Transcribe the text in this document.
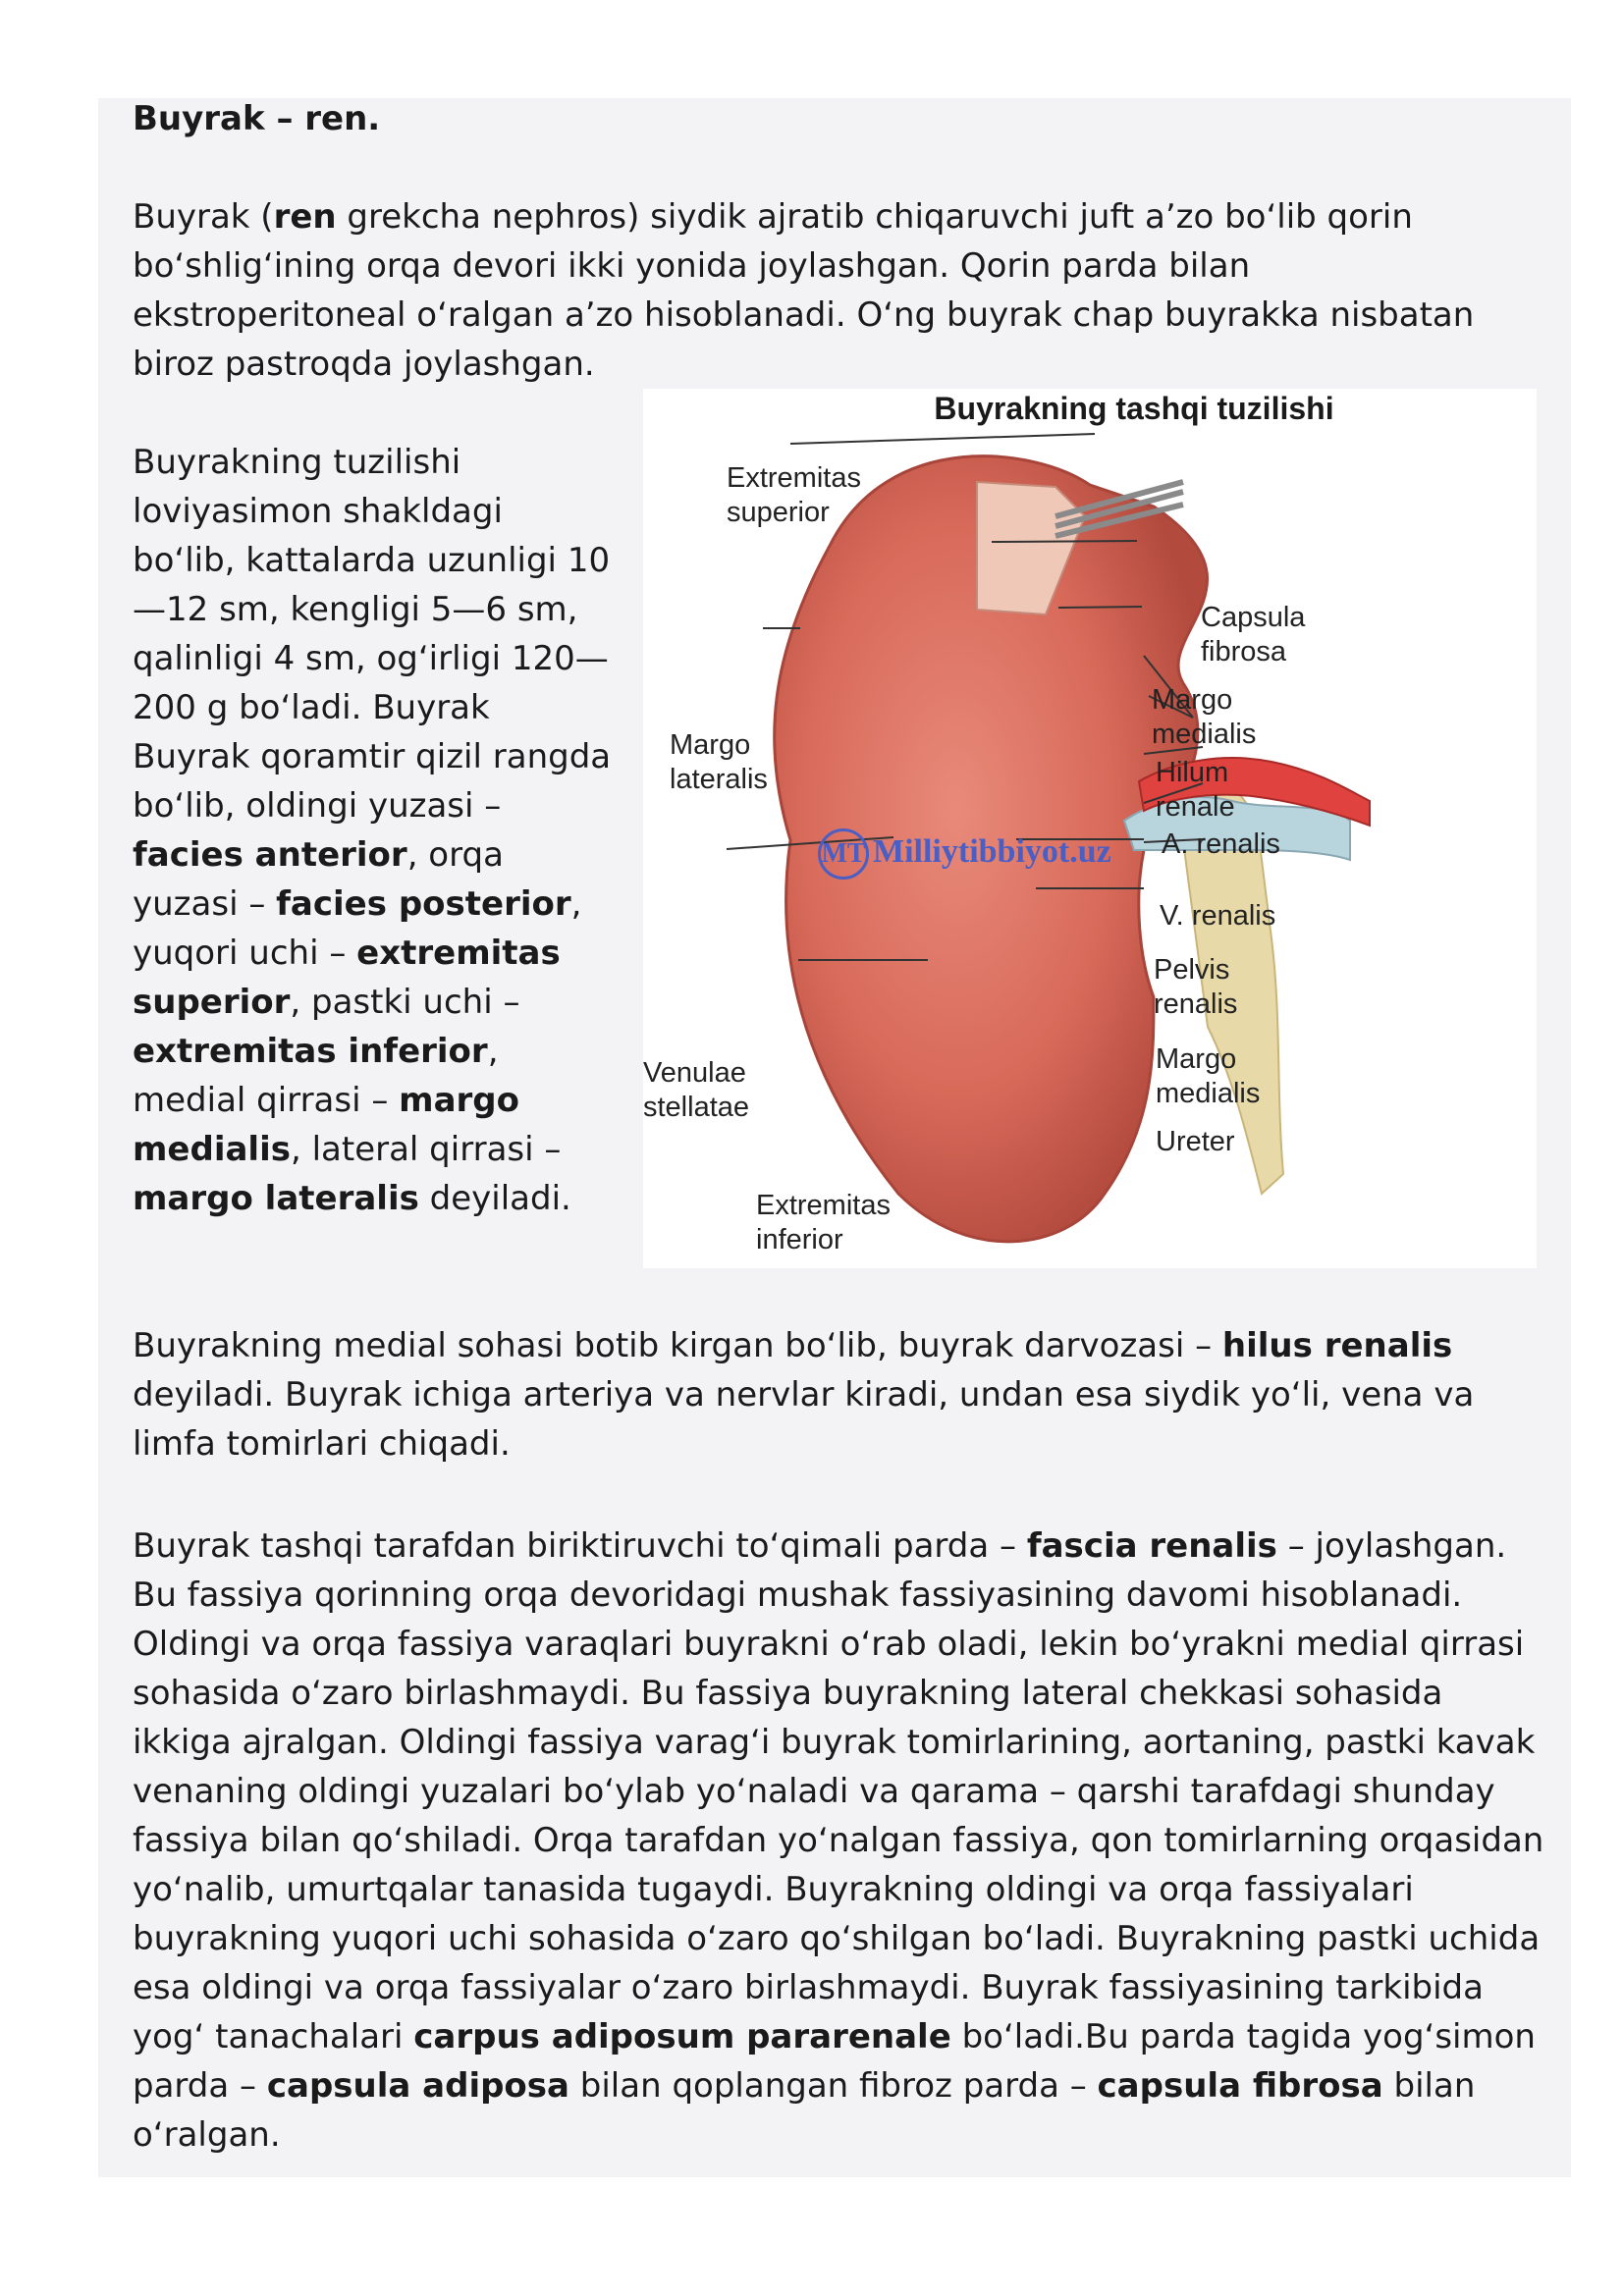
Buyrak – ren.

Buyrak (ren grekcha nephros) siydik ajratib chiqaruvchi juft a’zo bo‘lib qorin bo‘shlig‘ining orqa devori ikki yonida joylashgan. Qorin parda bilan ekstroperitoneal o‘ralgan a’zo hisoblanadi. O‘ng buyrak chap buyrakka nisbatan biroz pastroqda joylashgan.

Buyrakning tuzilishi loviyasimon shakldagi bo‘lib, kattalarda uzunligi 10—12 sm, kengligi 5—6 sm, qalinligi 4 sm, og‘irligi 120—200 g bo‘ladi. Buyrak Buyrak qoramtir qizil rangda bo‘lib, oldingi yuzasi – facies anterior, orqa yuzasi – facies posterior, yuqori uchi – extremitas superior, pastki uchi – extremitas inferior, medial qirrasi – margo medialis, lateral qirrasi – margo lateralis deyiladi.

Buyrakning tashqi tuzilishi
MT Milliytibbiyot.uz
Extremitas
superior
Capsula
fibrosa
Margo
medialis
Margo
lateralis	Hilum
renale
A. renalis
V. renalis
Pelvis
renalis
Venulae
stellatae
Margo
medialis
Ureter
Extremitas
inferior

Buyrakning medial sohasi botib kirgan bo‘lib, buyrak darvozasi – hilus renalis deyiladi. Buyrak ichiga arteriya va nervlar kiradi, undan esa siydik yo‘li, vena va limfa tomirlari chiqadi.

Buyrak tashqi tarafdan biriktiruvchi to‘qimali parda – fascia renalis – joylashgan. Bu fassiya qorinning orqa devoridagi mushak fassiyasining davomi hisoblanadi. Oldingi va orqa fassiya varaqlari buyrakni o‘rab oladi, lekin bo‘yrakni medial qirrasi sohasida o‘zaro birlashmaydi. Bu fassiya buyrakning lateral chekkasi sohasida ikkiga ajralgan. Oldingi fassiya varag‘i buyrak tomirlarining, aortaning, pastki kavak venaning oldingi yuzalari bo‘ylab yo‘naladi va qarama – qarshi tarafdagi shunday fassiya bilan qo‘shiladi. Orqa tarafdan yo‘nalgan fassiya, qon tomirlarning orqasidan yo‘nalib, umurtqalar tanasida tugaydi. Buyrakning oldingi va orqa fassiyalari buyrakning yuqori uchi sohasida o‘zaro qo‘shilgan bo‘ladi. Buyrakning pastki uchida esa oldingi va orqa fassiyalar o‘zaro birlashmaydi. Buyrak fassiyasining tarkibida yog‘ tanachalari carpus adiposum pararenale bo‘ladi.Bu parda tagida yog‘simon parda – capsula adiposa bilan qoplangan fibroz parda – capsula fibrosa bilan o‘ralgan.
